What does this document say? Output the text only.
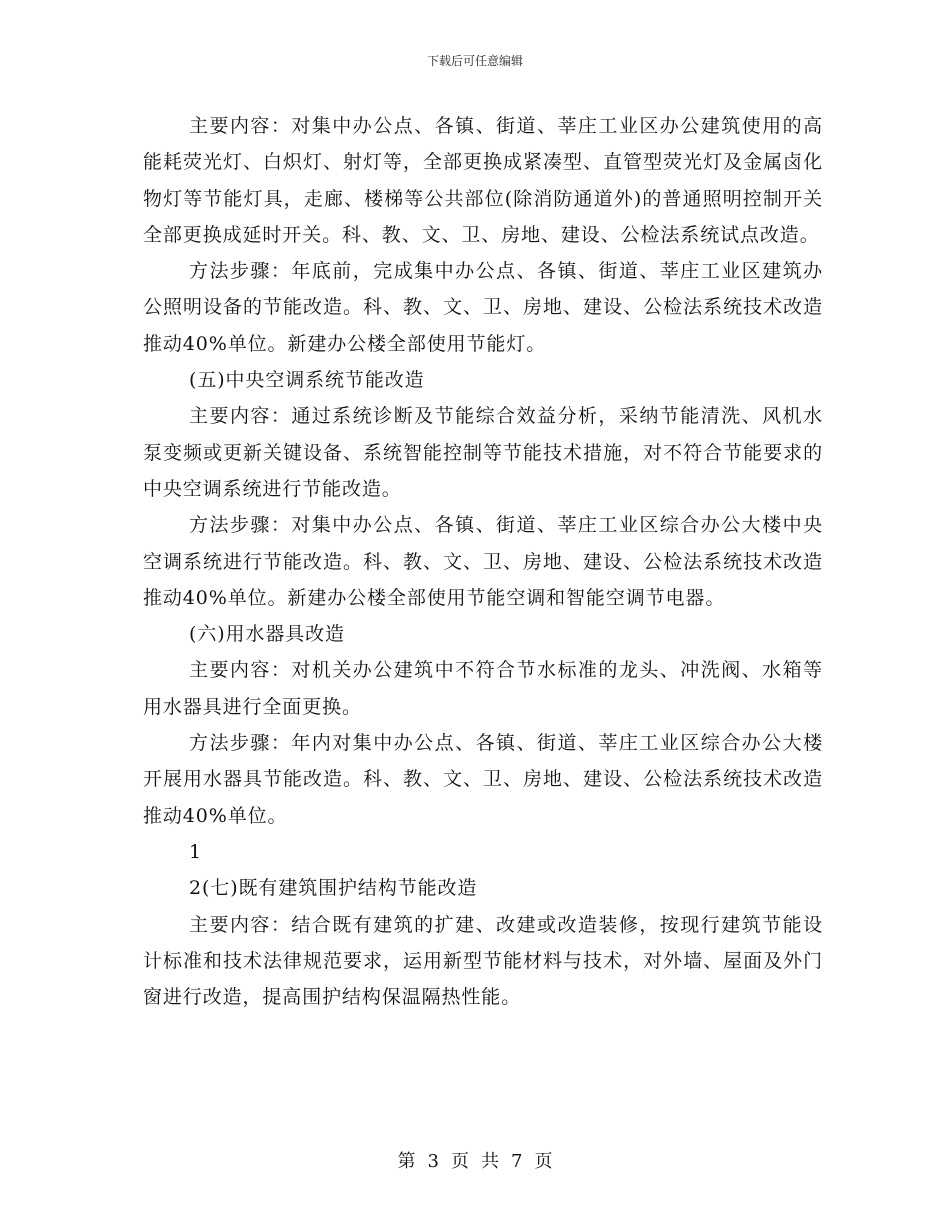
下载后可任意编辑

主要内容：对集中办公点、各镇、街道、莘庄工业区办公建筑使用的高能耗荧光灯、白炽灯、射灯等，全部更换成紧凑型、直管型荧光灯及金属卤化物灯等节能灯具，走廊、楼梯等公共部位(除消防通道外)的普通照明控制开关全部更换成延时开关。科、教、文、卫、房地、建设、公检法系统试点改造。

方法步骤：年底前，完成集中办公点、各镇、街道、莘庄工业区建筑办公照明设备的节能改造。科、教、文、卫、房地、建设、公检法系统技术改造推动40%单位。新建办公楼全部使用节能灯。

(五)中央空调系统节能改造

主要内容：通过系统诊断及节能综合效益分析，采纳节能清洗、风机水泵变频或更新关键设备、系统智能控制等节能技术措施，对不符合节能要求的中央空调系统进行节能改造。

方法步骤：对集中办公点、各镇、街道、莘庄工业区综合办公大楼中央空调系统进行节能改造。科、教、文、卫、房地、建设、公检法系统技术改造推动40%单位。新建办公楼全部使用节能空调和智能空调节电器。

(六)用水器具改造

主要内容：对机关办公建筑中不符合节水标准的龙头、冲洗阀、水箱等用水器具进行全面更换。

方法步骤：年内对集中办公点、各镇、街道、莘庄工业区综合办公大楼开展用水器具节能改造。科、教、文、卫、房地、建设、公检法系统技术改造推动40%单位。

1

2(七)既有建筑围护结构节能改造

主要内容：结合既有建筑的扩建、改建或改造装修，按现行建筑节能设计标准和技术法律规范要求，运用新型节能材料与技术，对外墙、屋面及外门窗进行改造，提高围护结构保温隔热性能。

第 3 页 共 7 页
